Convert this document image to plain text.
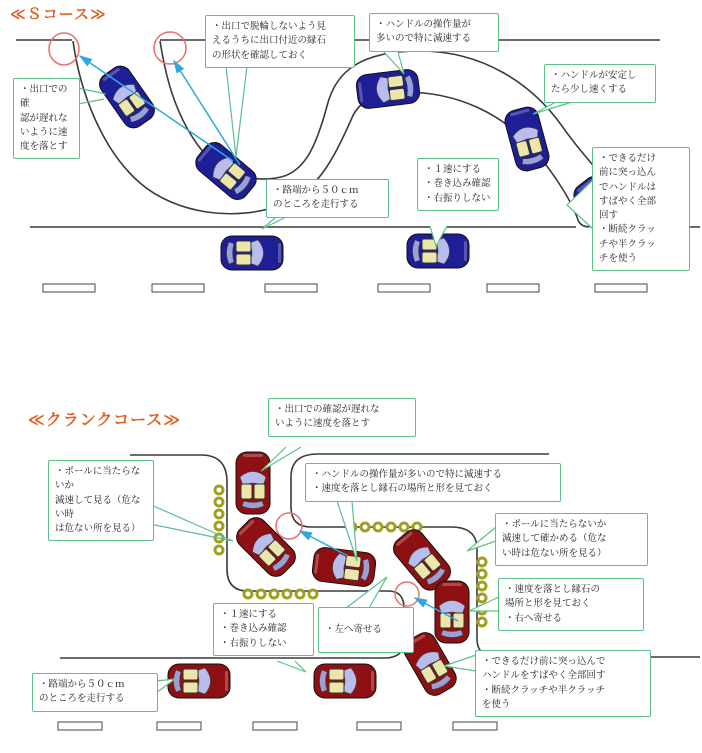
≪Ｓコース≫
≪クランクコース≫
・出口で脱輪しないよう見
えるうちに出口付近の縁石
の形状を確認しておく
・ハンドルの操作量が
多いので特に減速する
・ハンドルが安定し
たら少し速くする
・出口での確
認が遅れな
いように速
度を落とす
・路端から５０ｃｍ
のところを走行する
・１速にする
・巻き込み確認
・右振りしない
・できるだけ
前に突っ込ん
でハンドルは
すばやく全部
回す
・断続クラッ
チや半クラッ
チを使う
・出口での確認が遅れな
いように速度を落とす
・ポールに当たらないか
減速して見る（危ない時
は危ない所を見る）
・ハンドルの操作量が多いので特に減速する
・速度を落とし縁石の場所と形を見ておく
・ポールに当たらないか
減速して確かめる（危な
い時は危ない所を見る）
・速度を落とし縁石の
場所と形を見ておく
・右へ寄せる
・左へ寄せる
・１速にする
・巻き込み確認
・右振りしない
・路端から５０ｃｍ
のところを走行する
・できるだけ前に突っ込んで
ハンドルをすばやく全部回す
・断続クラッチや半クラッチ
を使う
